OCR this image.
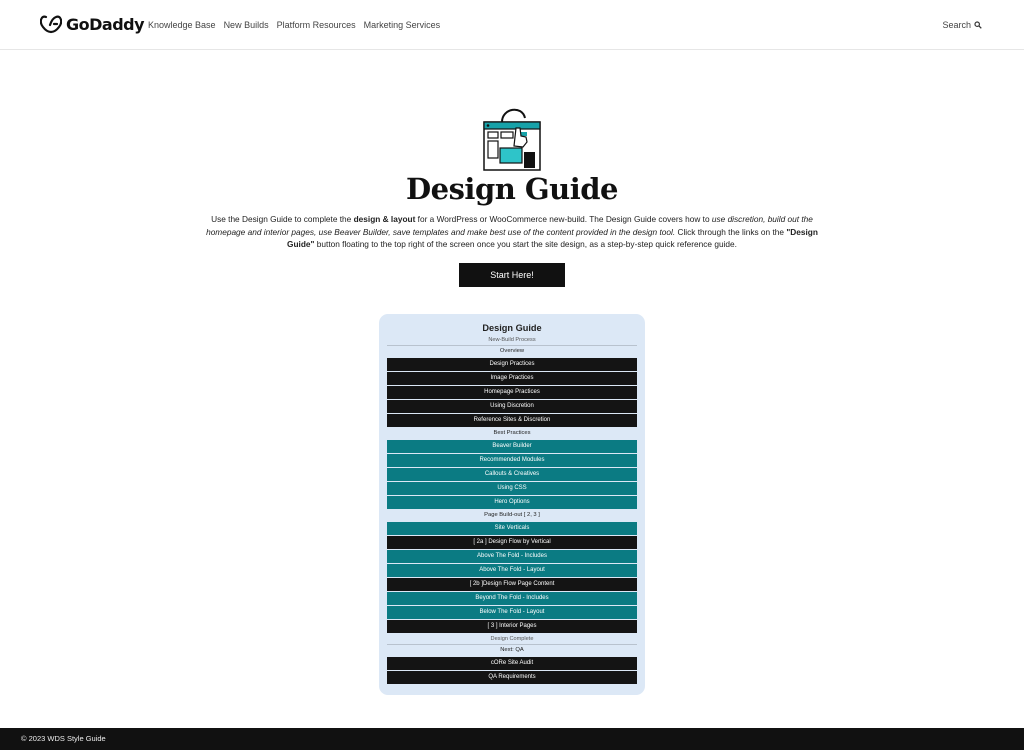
GoDaddy Knowledge Base New Builds Platform Resources Marketing Services	Search
Design Guide
Use the Design Guide to complete the design & layout for a WordPress or WooCommerce new-build. The Design Guide covers how to use discretion, build out the homepage and interior pages, use Beaver Builder, save templates and make best use of the content provided in the design tool. Click through the links on the "Design Guide" button floating to the top right of the screen once you start the site design, as a step-by-step quick reference guide.
Start Here!
Design Guide
New-Build Process
Overview
Design Practices
Image Practices
Homepage Practices
Using Discretion
Reference Sites & Discretion
Best Practices
Beaver Builder
Recommended Modules
Callouts & Creatives
Using CSS
Hero Options
Page Build-out [ 2, 3 ]
Site Verticals
[ 2a ] Design Flow by Vertical
Above The Fold - Includes
Above The Fold - Layout
[ 2b ]Design Flow Page Content
Beyond The Fold - Includes
Below The Fold - Layout
[ 3 ] Interior Pages
Design Complete
Next: QA
cORe Site Audit
QA Requirements
© 2023 WDS Style Guide
